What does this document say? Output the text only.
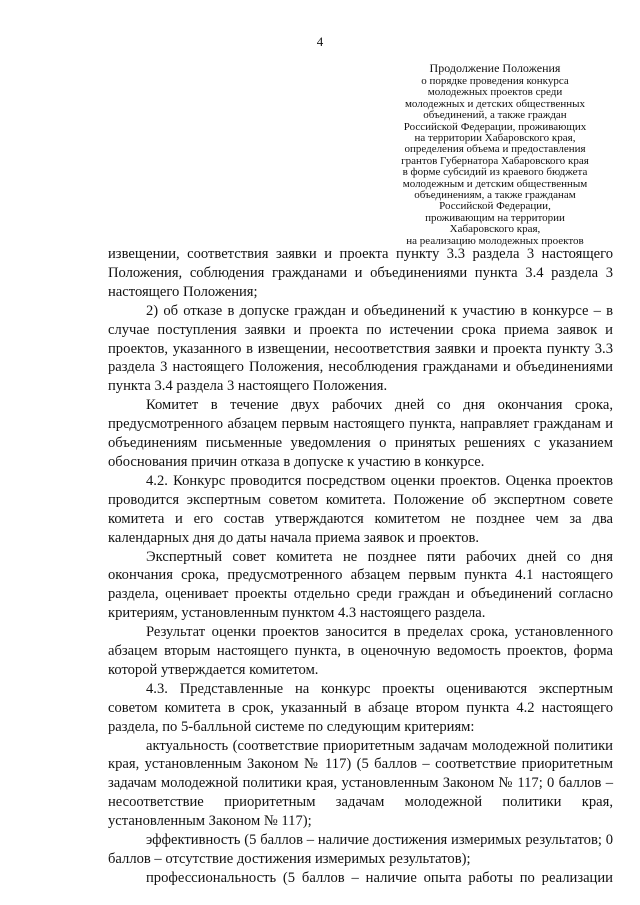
4
Продолжение Положения
о порядке проведения конкурса
молодежных проектов среди
молодежных и детских общественных
объединений, а также граждан
Российской Федерации, проживающих
на территории Хабаровского края,
определения объема и предоставления
грантов Губернатора Хабаровского края
в форме субсидий из краевого бюджета
молодежным и детским общественным
объединениям, а также гражданам
Российской Федерации,
проживающим на территории
Хабаровского края,
на реализацию молодежных проектов

извещении, соответствия заявки и проекта пункту 3.3 раздела 3 настоящего Положения, соблюдения гражданами и объединениями пункта 3.4 раздела 3 настоящего Положения;

2) об отказе в допуске граждан и объединений к участию в конкурсе – в случае поступления заявки и проекта по истечении срока приема заявок и проектов, указанного в извещении, несоответствия заявки и проекта пункту 3.3 раздела 3 настоящего Положения, несоблюдения гражданами и объединениями пункта 3.4 раздела 3 настоящего Положения.

Комитет в течение двух рабочих дней со дня окончания срока, предусмотренного абзацем первым настоящего пункта, направляет гражданам и объединениям письменные уведомления о принятых решениях с указанием обоснования причин отказа в допуске к участию в конкурсе.

4.2. Конкурс проводится посредством оценки проектов. Оценка проектов проводится экспертным советом комитета. Положение об экспертном совете комитета и его состав утверждаются комитетом не позднее чем за два календарных дня до даты начала приема заявок и проектов.

Экспертный совет комитета не позднее пяти рабочих дней со дня окончания срока, предусмотренного абзацем первым пункта 4.1 настоящего раздела, оценивает проекты отдельно среди граждан и объединений согласно критериям, установленным пунктом 4.3 настоящего раздела.

Результат оценки проектов заносится в пределах срока, установленного абзацем вторым настоящего пункта, в оценочную ведомость проектов, форма которой утверждается комитетом.

4.3. Представленные на конкурс проекты оцениваются экспертным советом комитета в срок, указанный в абзаце втором пункта 4.2 настоящего раздела, по 5-балльной системе по следующим критериям:

актуальность (соответствие приоритетным задачам молодежной политики края, установленным Законом № 117) (5 баллов – соответствие приоритетным задачам молодежной политики края, установленным Законом № 117; 0 баллов – несоответствие приоритетным задачам молодежной политики края, установленным Законом № 117);

эффективность (5 баллов – наличие достижения измеримых результатов; 0 баллов – отсутствие достижения измеримых результатов);

профессиональность (5 баллов – наличие опыта работы по реализации
